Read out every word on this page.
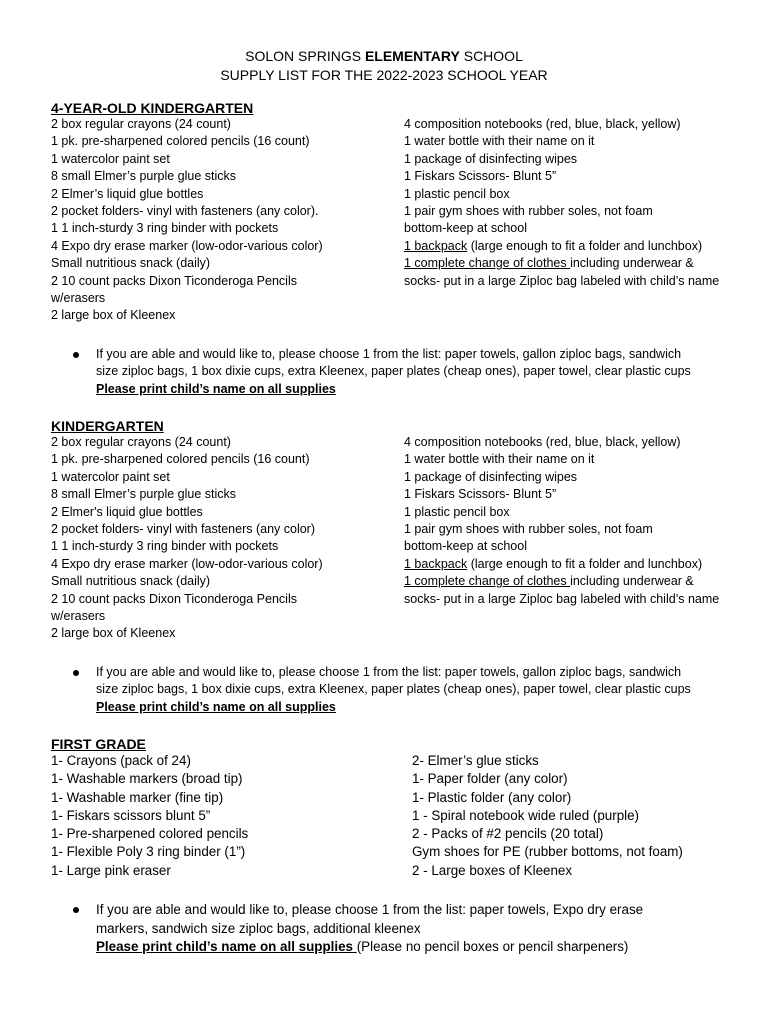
SOLON SPRINGS ELEMENTARY SCHOOL
SUPPLY LIST FOR THE 2022-2023 SCHOOL YEAR
4-YEAR-OLD KINDERGARTEN
2 box regular crayons (24 count)
1 pk. pre-sharpened colored pencils (16 count)
1 watercolor paint set
8 small Elmer’s purple glue sticks
2 Elmer’s liquid glue bottles
2 pocket folders- vinyl with fasteners (any color).
1 1 inch-sturdy 3 ring binder with pockets
4 Expo dry erase marker (low-odor-various color)
Small nutritious snack (daily)
2 10 count packs Dixon Ticonderoga Pencils
w/erasers
2 large box of Kleenex
4 composition notebooks (red, blue, black, yellow)
1 water bottle with their name on it
1 package of disinfecting wipes
1 Fiskars Scissors- Blunt 5”
1 plastic pencil box
1 pair gym shoes with rubber soles, not foam
bottom-keep at school
1 backpack (large enough to fit a folder and lunchbox)
1 complete change of clothes including underwear &
socks- put in a large Ziploc bag labeled with child’s name
If you are able and would like to, please choose 1 from the list: paper towels, gallon ziploc bags, sandwich
size ziploc bags, 1 box dixie cups, extra Kleenex, paper plates (cheap ones), paper towel, clear plastic cups
Please print child’s name on all supplies
KINDERGARTEN
2 box regular crayons (24 count)
1 pk. pre-sharpened colored pencils (16 count)
1 watercolor paint set
8 small Elmer’s purple glue sticks
2 Elmer's liquid glue bottles
2 pocket folders- vinyl with fasteners (any color)
1 1 inch-sturdy 3 ring binder with pockets
4 Expo dry erase marker (low-odor-various color)
Small nutritious snack (daily)
2 10 count packs Dixon Ticonderoga Pencils
w/erasers
2 large box of Kleenex
4 composition notebooks (red, blue, black, yellow)
1 water bottle with their name on it
1 package of disinfecting wipes
1 Fiskars Scissors- Blunt 5”
1 plastic pencil box
1 pair gym shoes with rubber soles, not foam
bottom-keep at school
1 backpack (large enough to fit a folder and lunchbox)
1 complete change of clothes including underwear &
socks- put in a large Ziploc bag labeled with child’s name
If you are able and would like to, please choose 1 from the list: paper towels, gallon ziploc bags, sandwich
size ziploc bags, 1 box dixie cups, extra Kleenex, paper plates (cheap ones), paper towel, clear plastic cups
Please print child’s name on all supplies
FIRST GRADE
1- Crayons (pack of 24)
1- Washable markers (broad tip)
1- Washable marker (fine tip)
1- Fiskars scissors blunt 5”
1- Pre-sharpened colored pencils
1- Flexible Poly 3 ring binder (1”)
1- Large pink eraser
2- Elmer’s glue sticks
1- Paper folder (any color)
1- Plastic folder (any color)
1 - Spiral notebook wide ruled (purple)
2 - Packs of #2 pencils (20 total)
Gym shoes for PE (rubber bottoms, not foam)
2 - Large boxes of Kleenex
If you are able and would like to, please choose 1 from the list: paper towels, Expo dry erase
markers, sandwich size ziploc bags, additional kleenex
Please print child’s name on all supplies (Please no pencil boxes or pencil sharpeners)
